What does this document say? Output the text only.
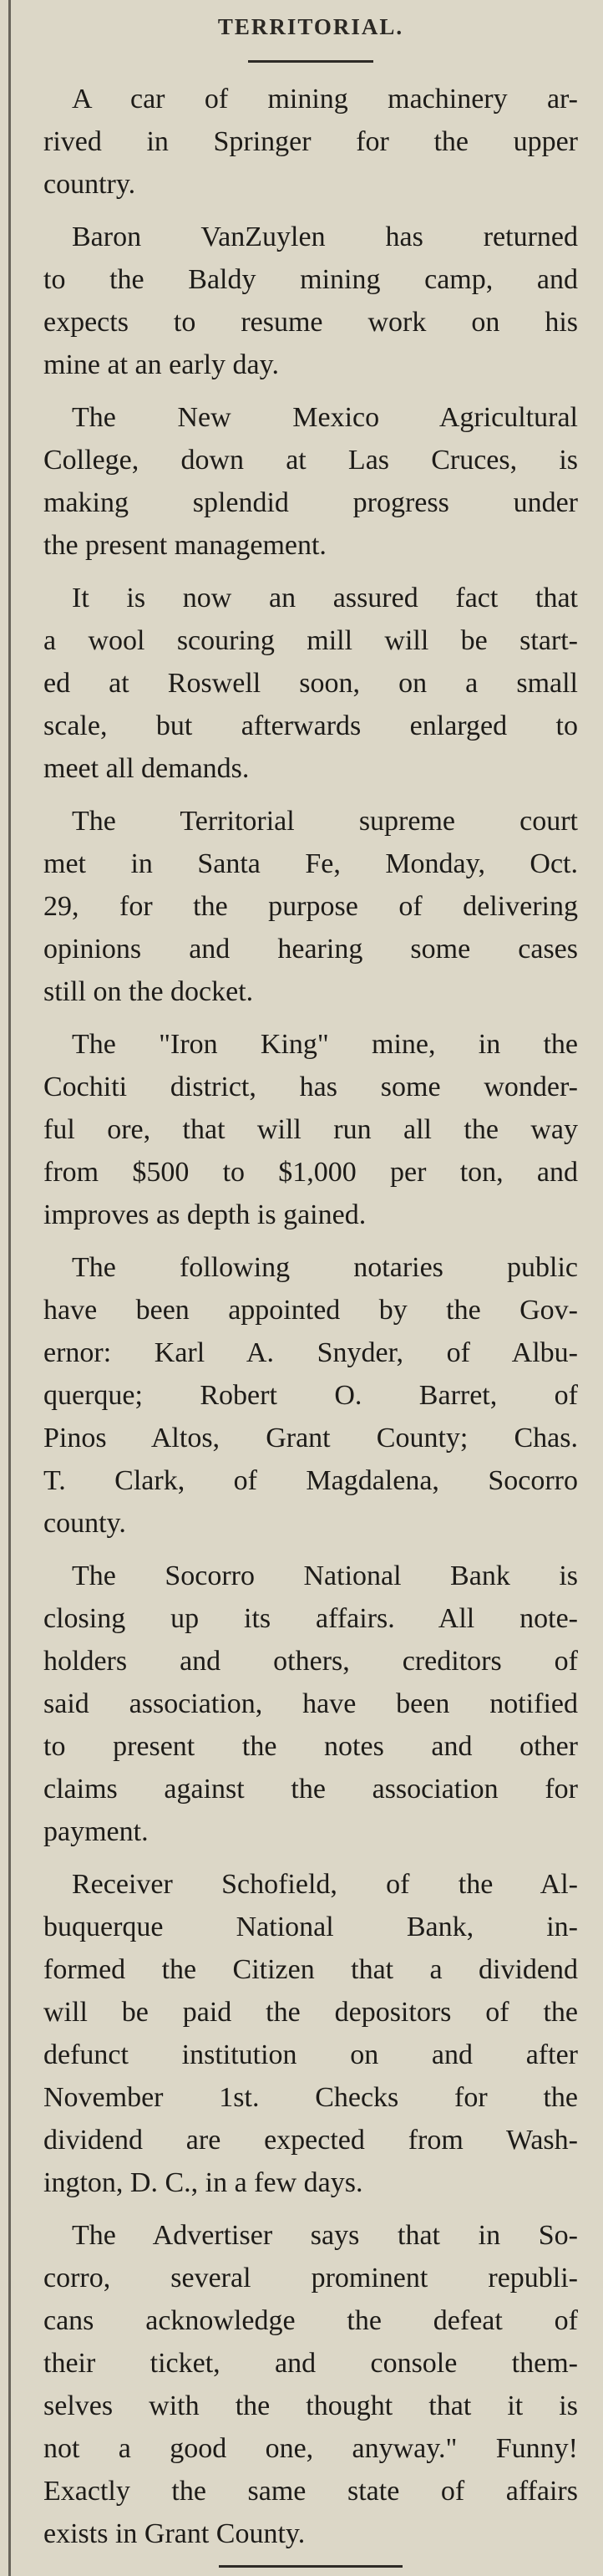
TERRITORIAL.
A car of mining machinery ar-
rived in Springer for the upper
country.
Baron VanZuylen has returned
to the Baldy mining camp, and
expects to resume work on his
mine at an early day.
The New Mexico Agricultural
College, down at Las Cruces, is
making splendid progress under
the present management.
It is now an assured fact that
a wool scouring mill will be start-
ed at Roswell soon, on a small
scale, but afterwards enlarged to
meet all demands.
The Territorial supreme court
met in Santa Fe, Monday, Oct.
29, for the purpose of delivering
opinions and hearing some cases
still on the docket.
The "Iron King" mine, in the
Cochiti district, has some wonder-
ful ore, that will run all the way
from $500 to $1,000 per ton, and
improves as depth is gained.
The following notaries public
have been appointed by the Gov-
ernor: Karl A. Snyder, of Albu-
querque; Robert O. Barret, of
Pinos Altos, Grant County; Chas.
T. Clark, of Magdalena, Socorro
county.
The Socorro National Bank is
closing up its affairs. All note-
holders and others, creditors of
said association, have been notified
to present the notes and other
claims against the association for
payment.
Receiver Schofield, of the Al-
buquerque National Bank, in-
formed the Citizen that a dividend
will be paid the depositors of the
defunct institution on and after
November 1st. Checks for the
dividend are expected from Wash-
ington, D. C., in a few days.
The Advertiser says that in So-
corro, several prominent republi-
cans acknowledge the defeat of
their ticket, and console them-
selves with the thought that it is
not a good one, anyway." Funny!
Exactly the same state of affairs
exists in Grant County.
